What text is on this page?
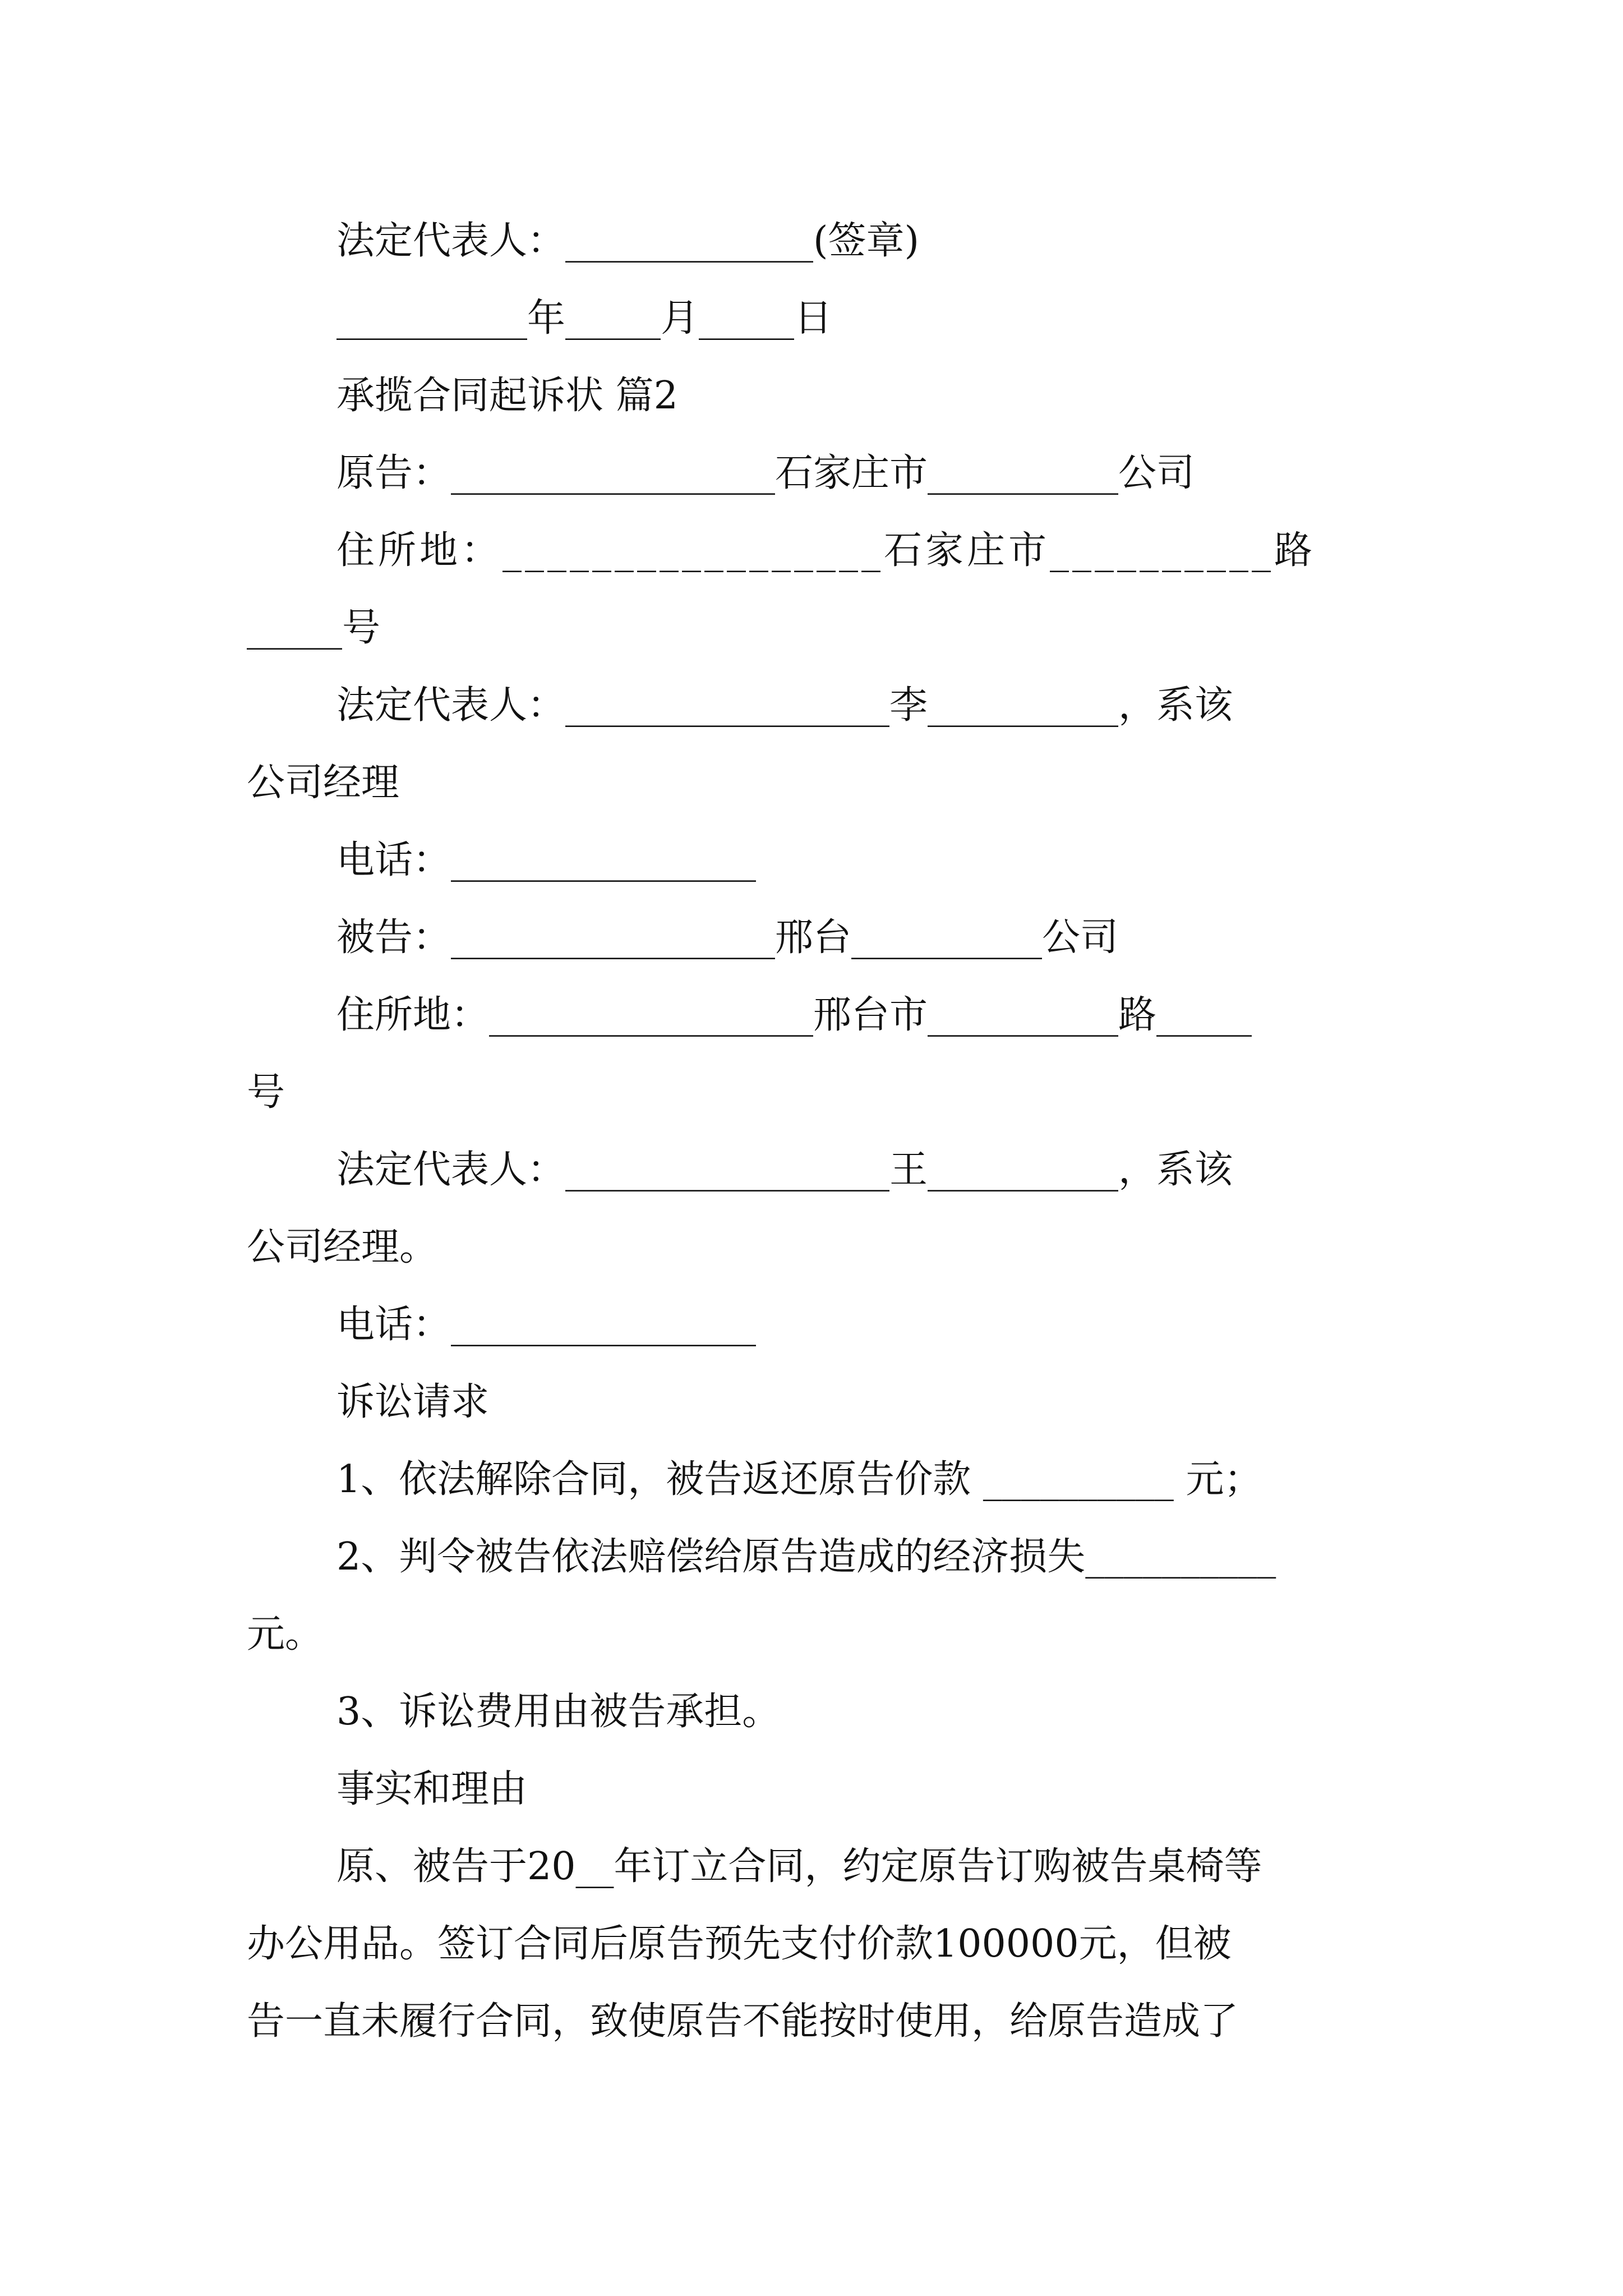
法定代表人：_____________(签章)
__________年_____月_____日
承揽合同起诉状 篇2
原告：_________________石家庄市__________公司
住所地：_________________石家庄市__________路
_____号
法定代表人：_________________李__________，系该
公司经理
电话：________________
被告：_________________邢台__________公司
住所地：_________________邢台市__________路_____
号
法定代表人：_________________王__________，系该
公司经理。
电话：________________
诉讼请求
1、依法解除合同，被告返还原告价款 __________ 元；
2、判令被告依法赔偿给原告造成的经济损失__________
元。
3、诉讼费用由被告承担。
事实和理由
原、被告于20__年订立合同，约定原告订购被告桌椅等
办公用品。签订合同后原告预先支付价款100000元，但被
告一直未履行合同，致使原告不能按时使用，给原告造成了
